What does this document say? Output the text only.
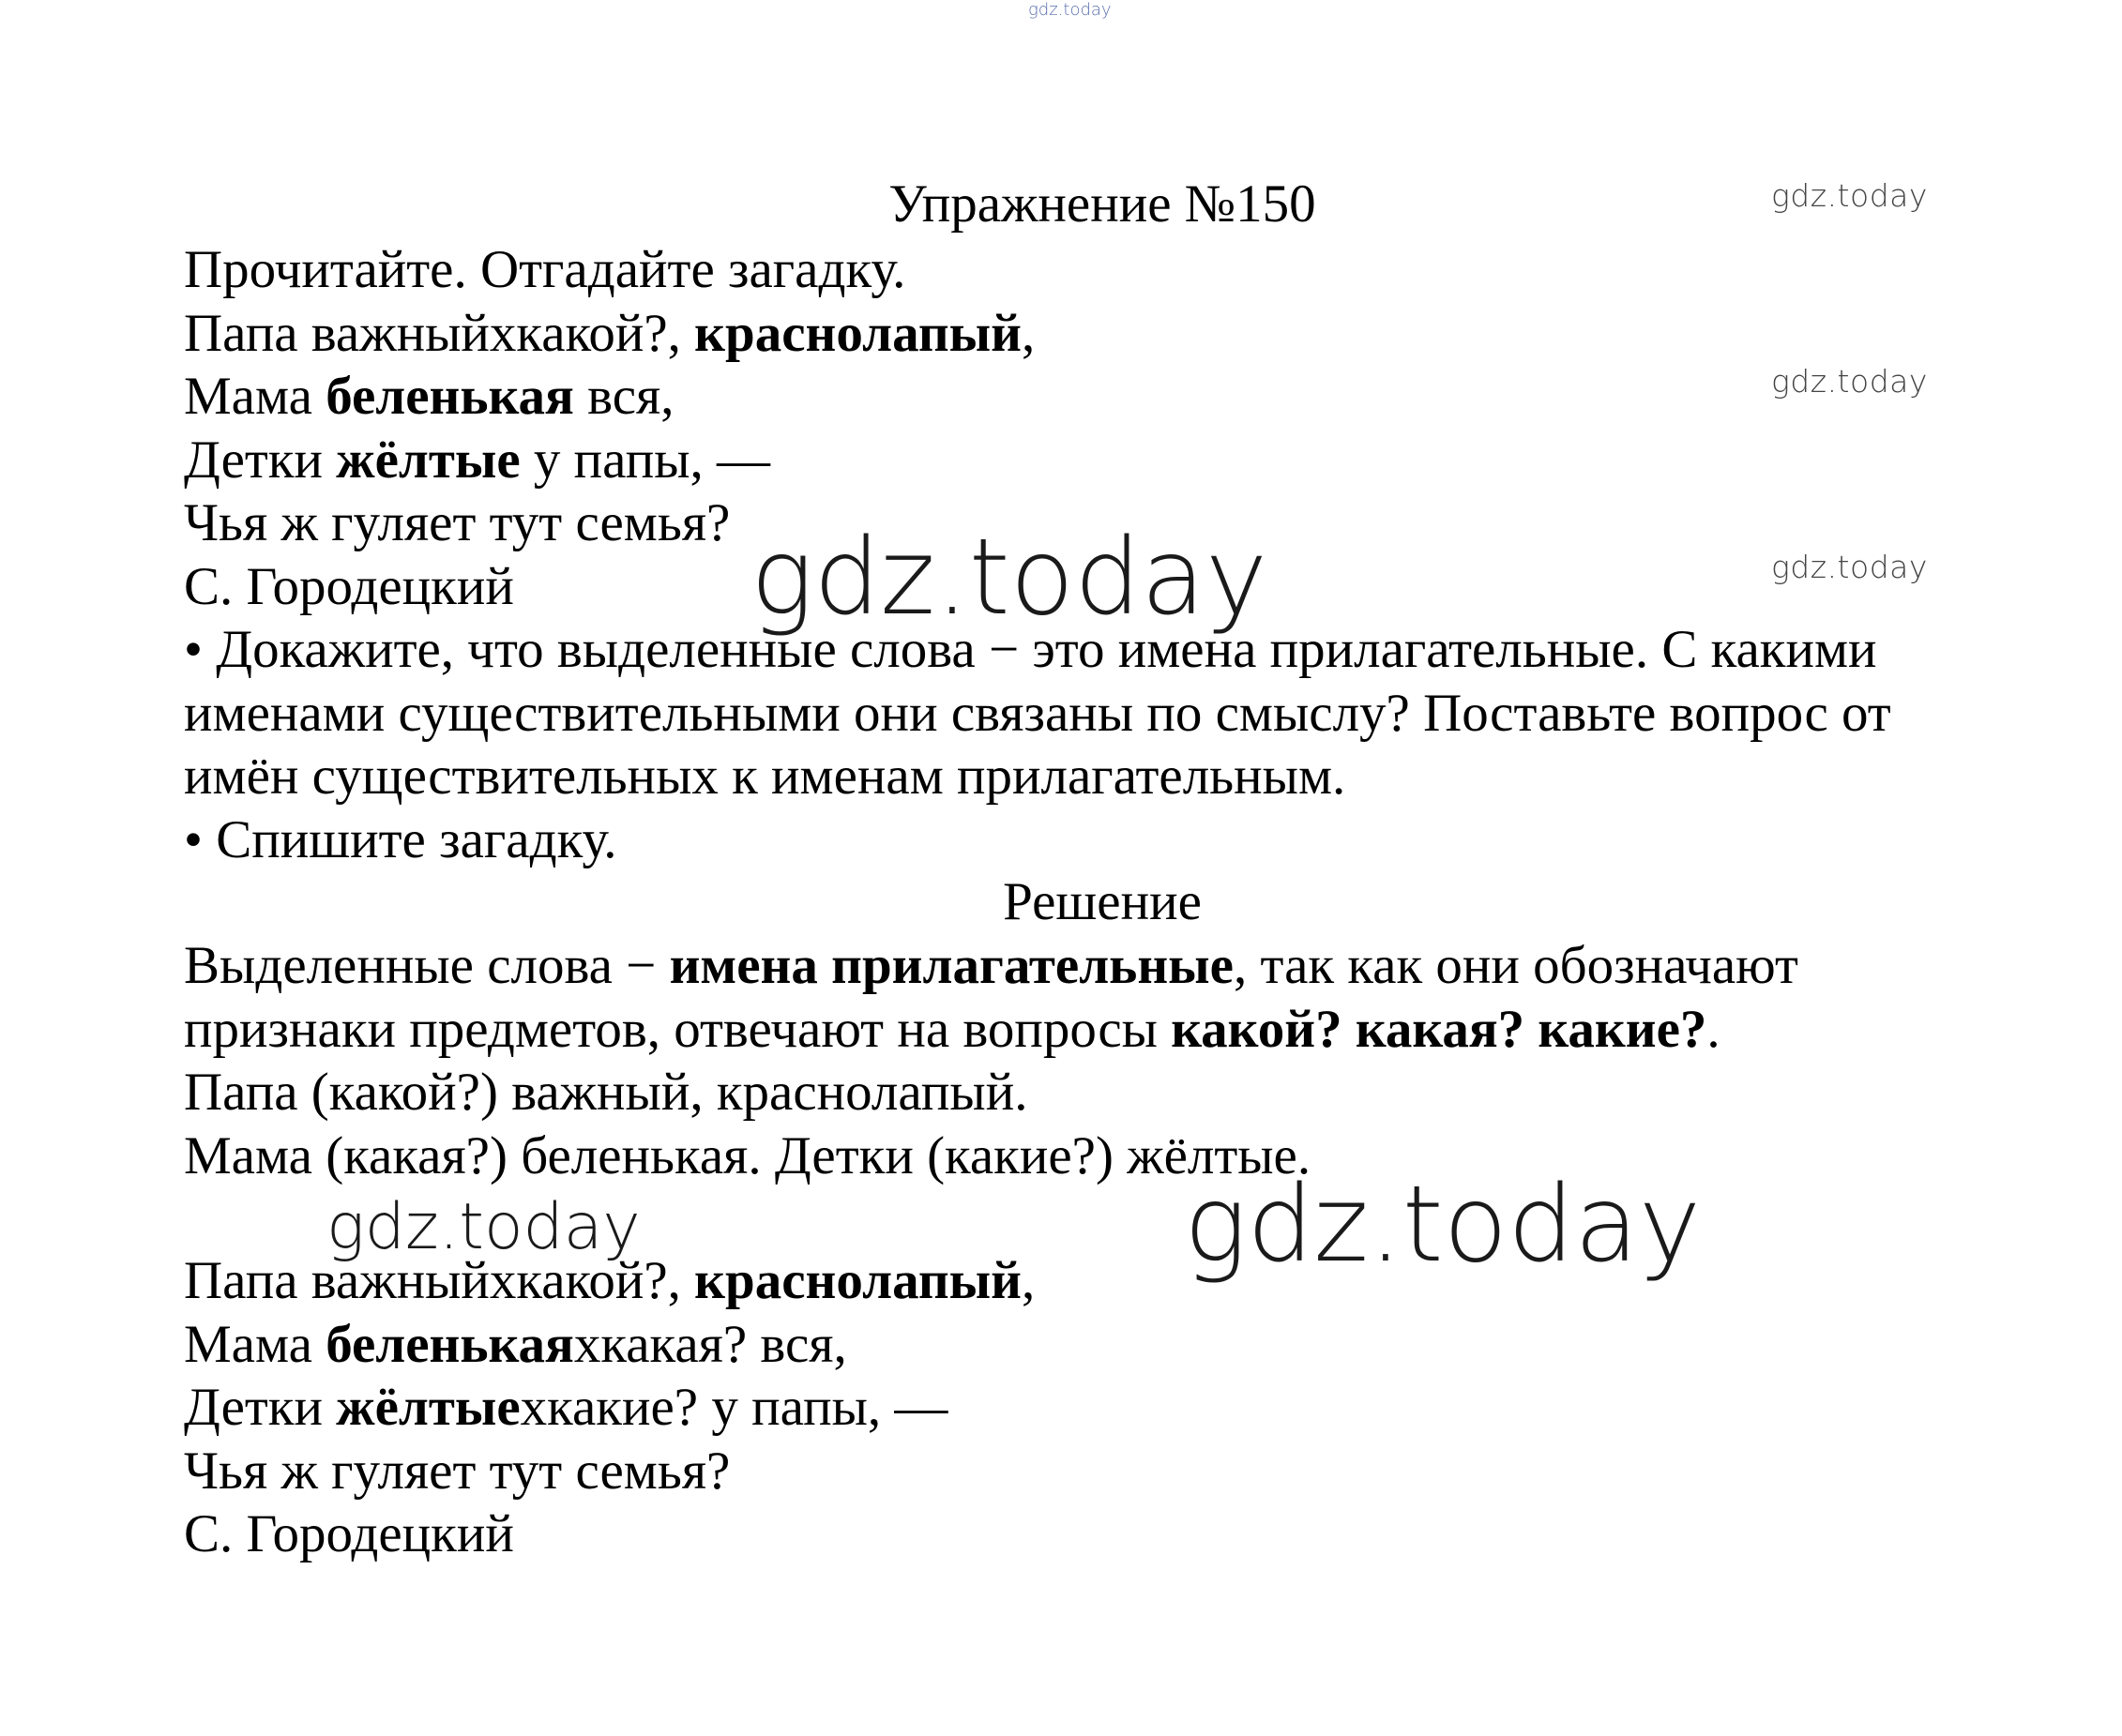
gdz.today
gdz.today
gdz.today
gdz.today
Упражнение №150

Прочитайте. Отгадайте загадку.

Папа важныйхкакой?, краснолапый,

Мама беленькая вся,

Детки жёлтые у папы, —

Чья ж гуляет тут семья?

С. Городецкий

• Докажите, что выделенные слова − это имена прилагательные. С какими именами существительными они связаны по смыслу? Поставьте вопрос от имён существительных к именам прилагательным.

• Спишите загадку.

Решение

Выделенные слова − имена прилагательные, так как они обозначают признаки предметов, отвечают на вопросы какой? какая? какие?.

Папа (какой?) важный, краснолапый.

Мама (какая?) беленькая. Детки (какие?) жёлтые.

Папа важныйхкакой?, краснолапый,

Мама беленькаяхкакая? вся,

Детки жёлтыехкакие? у папы, —

Чья ж гуляет тут семья?

С. Городецкий

gdz.today
gdz.today
gdz.today
